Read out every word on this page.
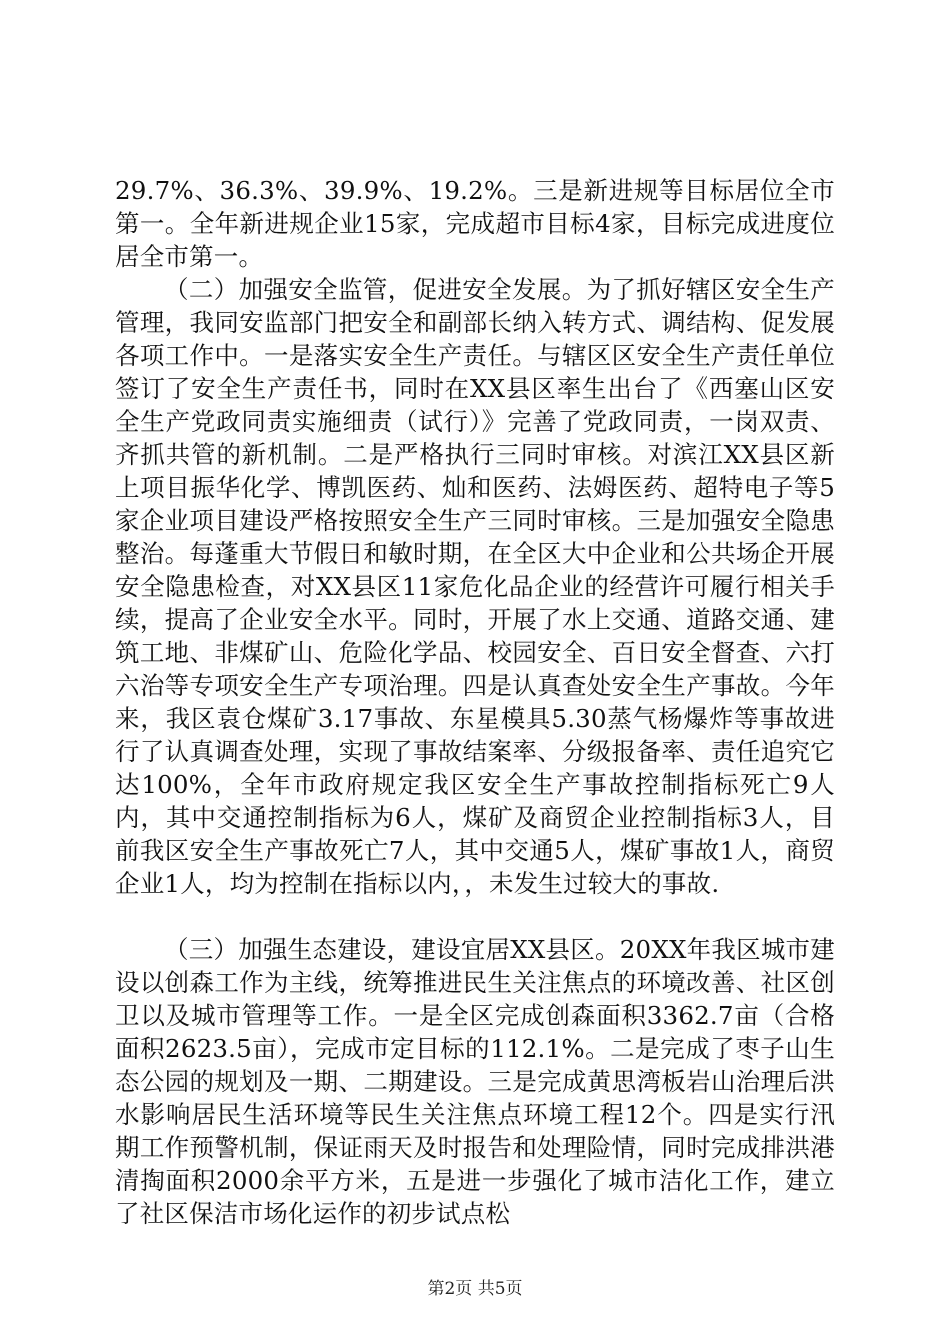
29.7%、36.3%、39.9%、19.2%。三是新进规等目标居位全市第一。全年新进规企业15家，完成超市目标4家，目标完成进度位居全市第一。

（二）加强安全监管，促进安全发展。为了抓好辖区安全生产管理，我同安监部门把安全和副部长纳入转方式、调结构、促发展各项工作中。一是落实安全生产责任。与辖区区安全生产责任单位签订了安全生产责任书，同时在XX县区率生出台了《西塞山区安全生产党政同责实施细责（试行）》完善了党政同责，一岗双责、齐抓共管的新机制。二是严格执行三同时审核。对滨江XX县区新上项目振华化学、博凯医药、灿和医药、法姆医药、超特电子等5家企业项目建设严格按照安全生产三同时审核。三是加强安全隐患整治。每蓬重大节假日和敏时期，在全区大中企业和公共场企开展安全隐患检查，对XX县区11家危化品企业的经营许可履行相关手续，提高了企业安全水平。同时，开展了水上交通、道路交通、建筑工地、非煤矿山、危险化学品、校园安全、百日安全督查、六打六治等专项安全生产专项治理。四是认真查处安全生产事故。今年来，我区袁仓煤矿3.17事故、东星模具5.30蒸气杨爆炸等事故进行了认真调查处理，实现了事故结案率、分级报备率、责任追究它达100%，全年市政府规定我区安全生产事故控制指标死亡9人内，其中交通控制指标为6人，煤矿及商贸企业控制指标3人，目前我区安全生产事故死亡7人，其中交通5人，煤矿事故1人，商贸企业1人，均为控制在指标以内，，未发生过较大的事故.

（三）加强生态建设，建设宜居XX县区。20XX年我区城市建设以创森工作为主线，统筹推进民生关注焦点的环境改善、社区创卫以及城市管理等工作。一是全区完成创森面积3362.7亩（合格面积2623.5亩），完成市定目标的112.1%。二是完成了枣子山生态公园的规划及一期、二期建设。三是完成黄思湾板岩山治理后洪水影响居民生活环境等民生关注焦点环境工程12个。四是实行汛期工作预警机制，保证雨天及时报告和处理险情，同时完成排洪港清掏面积2000余平方米，五是进一步强化了城市洁化工作，建立了社区保洁市场化运作的初步试点松

第2页 共5页
